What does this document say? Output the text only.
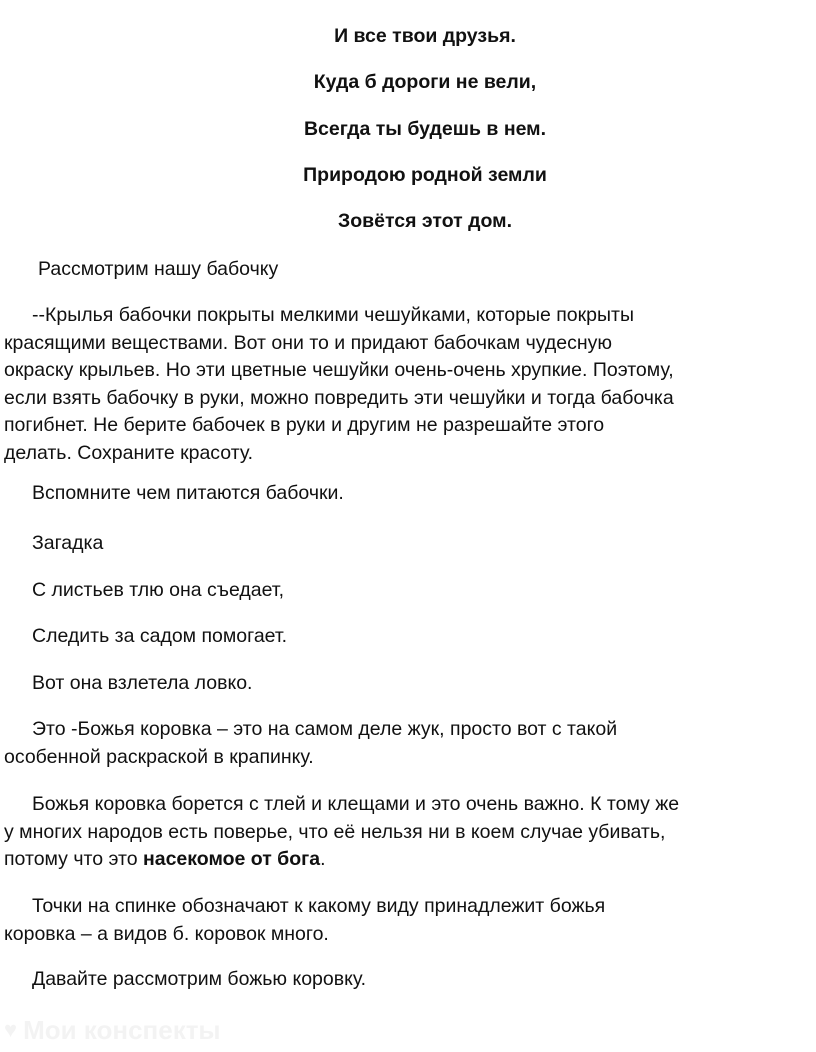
И все твои друзья.
Куда б дороги не вели,
Всегда ты будешь в нем.
Природою родной земли
Зовётся этот дом.
Рассмотрим нашу бабочку
--Крылья бабочки покрыты мелкими чешуйками, которые покрыты
красящими веществами. Вот они то и придают бабочкам чудесную
окраску крыльев. Но эти цветные чешуйки очень-очень хрупкие. Поэтому,
если взять бабочку в руки, можно повредить эти чешуйки и тогда бабочка
погибнет. Не берите бабочек в руки и другим не разрешайте этого
делать. Сохраните красоту.
Вспомните чем питаются бабочки.
Загадка
С листьев тлю она съедает,
Следить за садом помогает.
Вот она взлетела ловко.
Это -Божья коровка – это на самом деле жук, просто вот с такой
особенной раскраской в крапинку.
Божья коровка борется с тлей и клещами и это очень важно. К тому же
у многих народов есть поверье, что её нельзя ни в коем случае убивать,
потому что это насекомое от бога.
Точки на спинке обозначают к какому виду принадлежит божья
коровка – а видов б. коровок много.
Давайте рассмотрим божью коровку.
♥ Мои конспекты
